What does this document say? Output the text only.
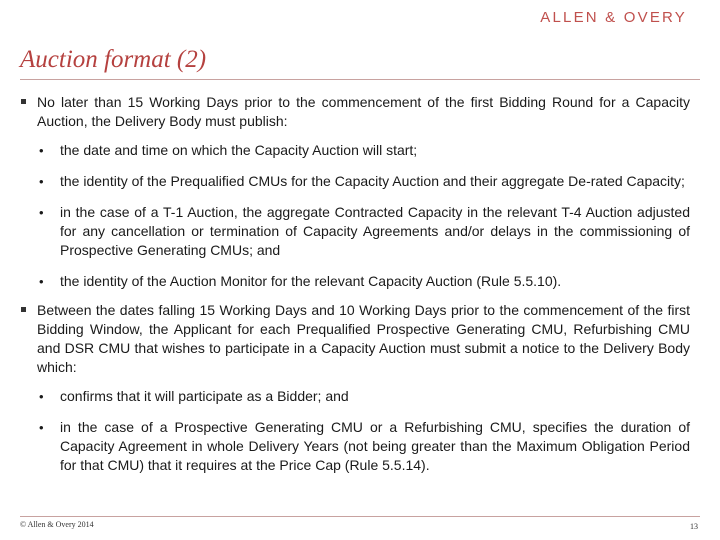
ALLEN & OVERY
Auction format (2)
No later than 15 Working Days prior to the commencement of the first Bidding Round for a Capacity Auction, the Delivery Body must publish:
• the date and time on which the Capacity Auction will start;
• the identity of the Prequalified CMUs for the Capacity Auction and their aggregate De-rated Capacity;
• in the case of a T-1 Auction, the aggregate Contracted Capacity in the relevant T-4 Auction adjusted for any cancellation or termination of Capacity Agreements and/or delays in the commissioning of Prospective Generating CMUs; and
• the identity of the Auction Monitor for the relevant Capacity Auction (Rule 5.5.10).
Between the dates falling 15 Working Days and 10 Working Days prior to the commencement of the first Bidding Window, the Applicant for each Prequalified Prospective Generating CMU, Refurbishing CMU and DSR CMU that wishes to participate in a Capacity Auction must submit a notice to the Delivery Body which:
• confirms that it will participate as a Bidder; and
• in the case of a Prospective Generating CMU or a Refurbishing CMU, specifies the duration of Capacity Agreement in whole Delivery Years (not being greater than the Maximum Obligation Period for that CMU) that it requires at the Price Cap (Rule 5.5.14).
© Allen & Overy 2014	13
